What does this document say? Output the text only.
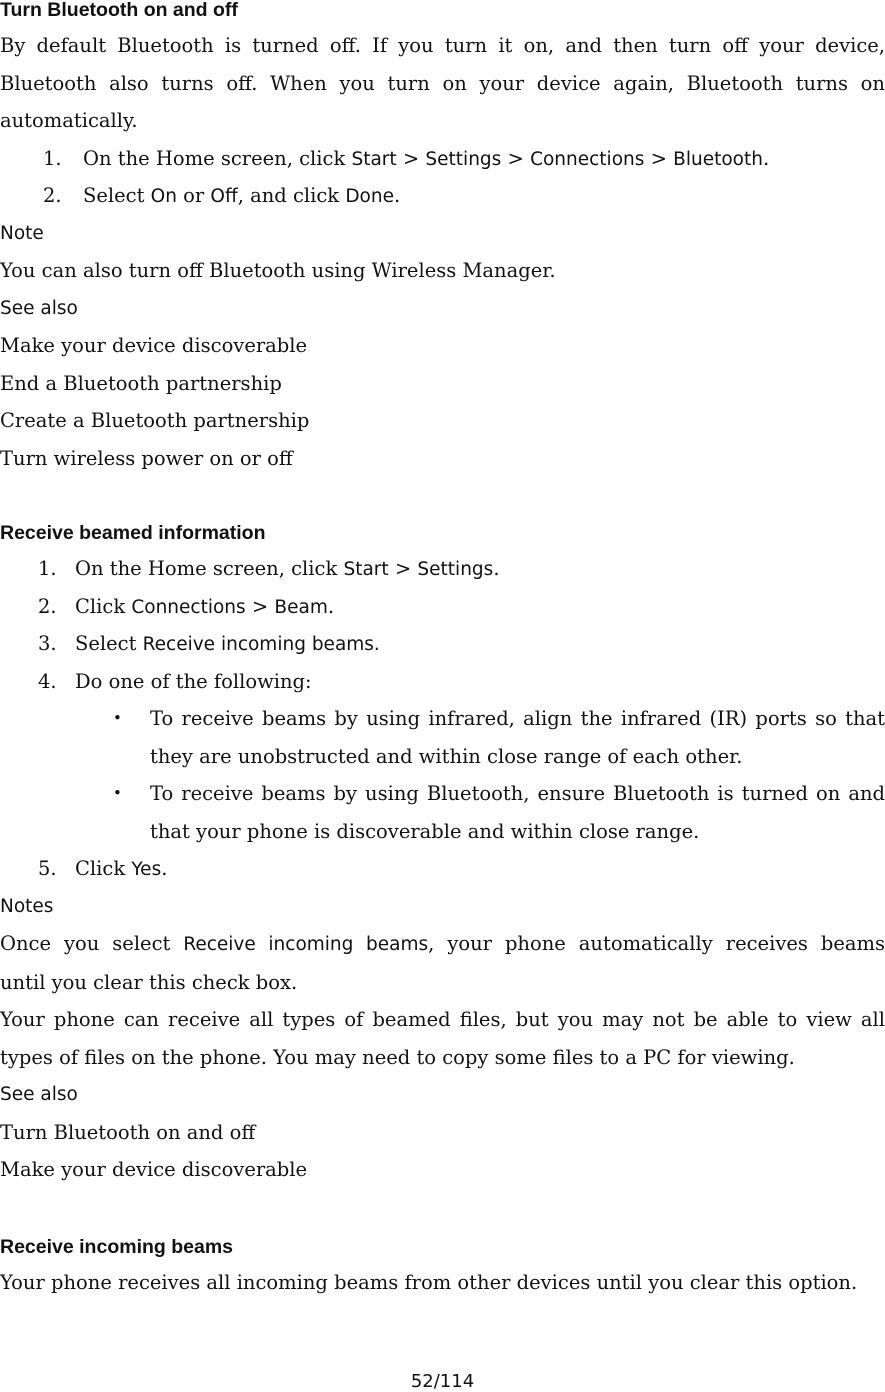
Turn Bluetooth on and off

By default Bluetooth is turned off. If you turn it on, and then turn off your device,

Bluetooth also turns off. When you turn on your device again, Bluetooth turns on

automatically.

1. On the Home screen, click Start > Settings > Connections > Bluetooth.
2. Select On or Off, and click Done.

Note

You can also turn off Bluetooth using Wireless Manager.

See also

Make your device discoverable

End a Bluetooth partnership

Create a Bluetooth partnership

Turn wireless power on or off

Receive beamed information
1. On the Home screen, click Start > Settings.
2. Click Connections > Beam.
3. Select Receive incoming beams.
4. Do one of the following:
• To receive beams by using infrared, align the infrared (IR) ports so that

they are unobstructed and within close range of each other.

• To receive beams by using Bluetooth, ensure Bluetooth is turned on and

that your phone is discoverable and within close range.

5. Click Yes.

Notes

Once you select Receive incoming beams, your phone automatically receives beams

until you clear this check box.

Your phone can receive all types of beamed files, but you may not be able to view all

types of files on the phone. You may need to copy some files to a PC for viewing.

See also

Turn Bluetooth on and off

Make your device discoverable

Receive incoming beams

Your phone receives all incoming beams from other devices until you clear this option.

52/114
